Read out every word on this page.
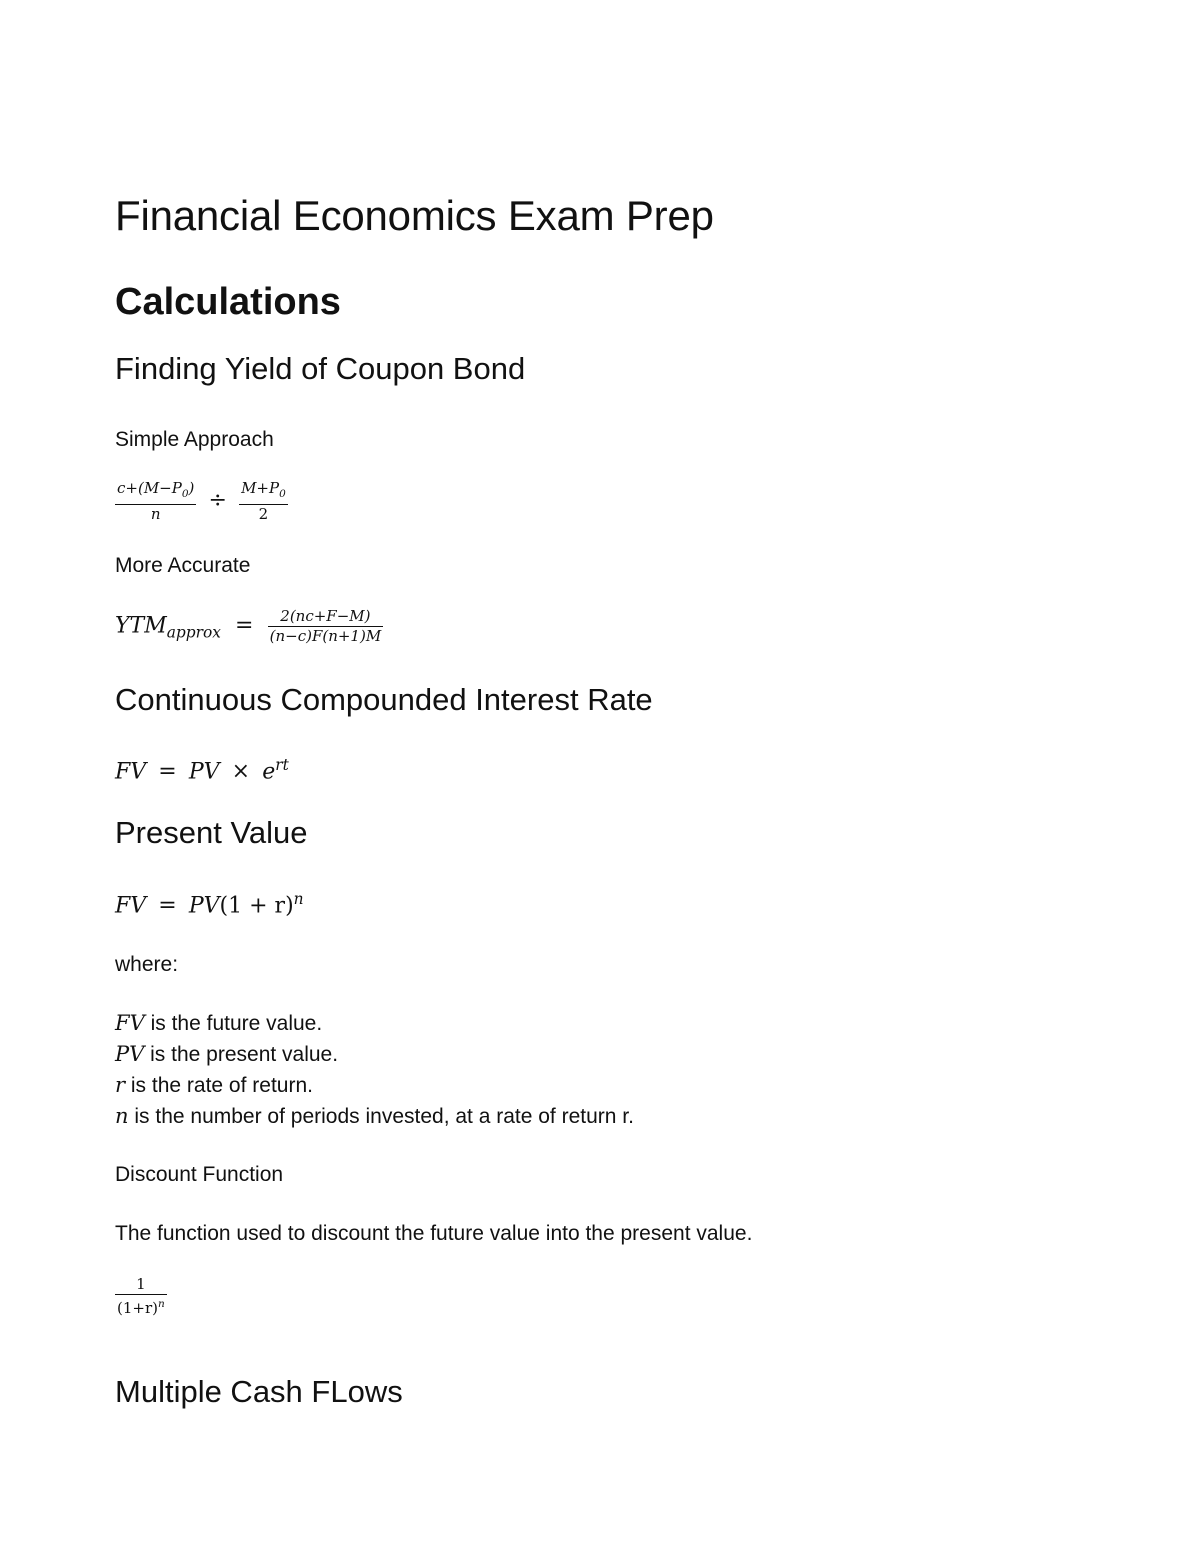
Financial Economics Exam Prep
Calculations
Finding Yield of Coupon Bond
Simple Approach
$\frac{c+(M-P_0)}{n} \div \frac{M+P_0}{2}$
More Accurate
$YTM_{approx} = \frac{2(nc+F-M)}{(n-c)F(n+1)M}$
Continuous Compounded Interest Rate
FV = PV × $e^{rt}$
Present Value
FV = $PV(1 + r)^n$
where:
FV is the future value.
PV is the present value.
r is the rate of return.
n is the number of periods invested, at a rate of return r.
Discount Function
The function used to discount the future value into the present value.
$\frac{1}{(1+r)^n}$
Multiple Cash FLows
